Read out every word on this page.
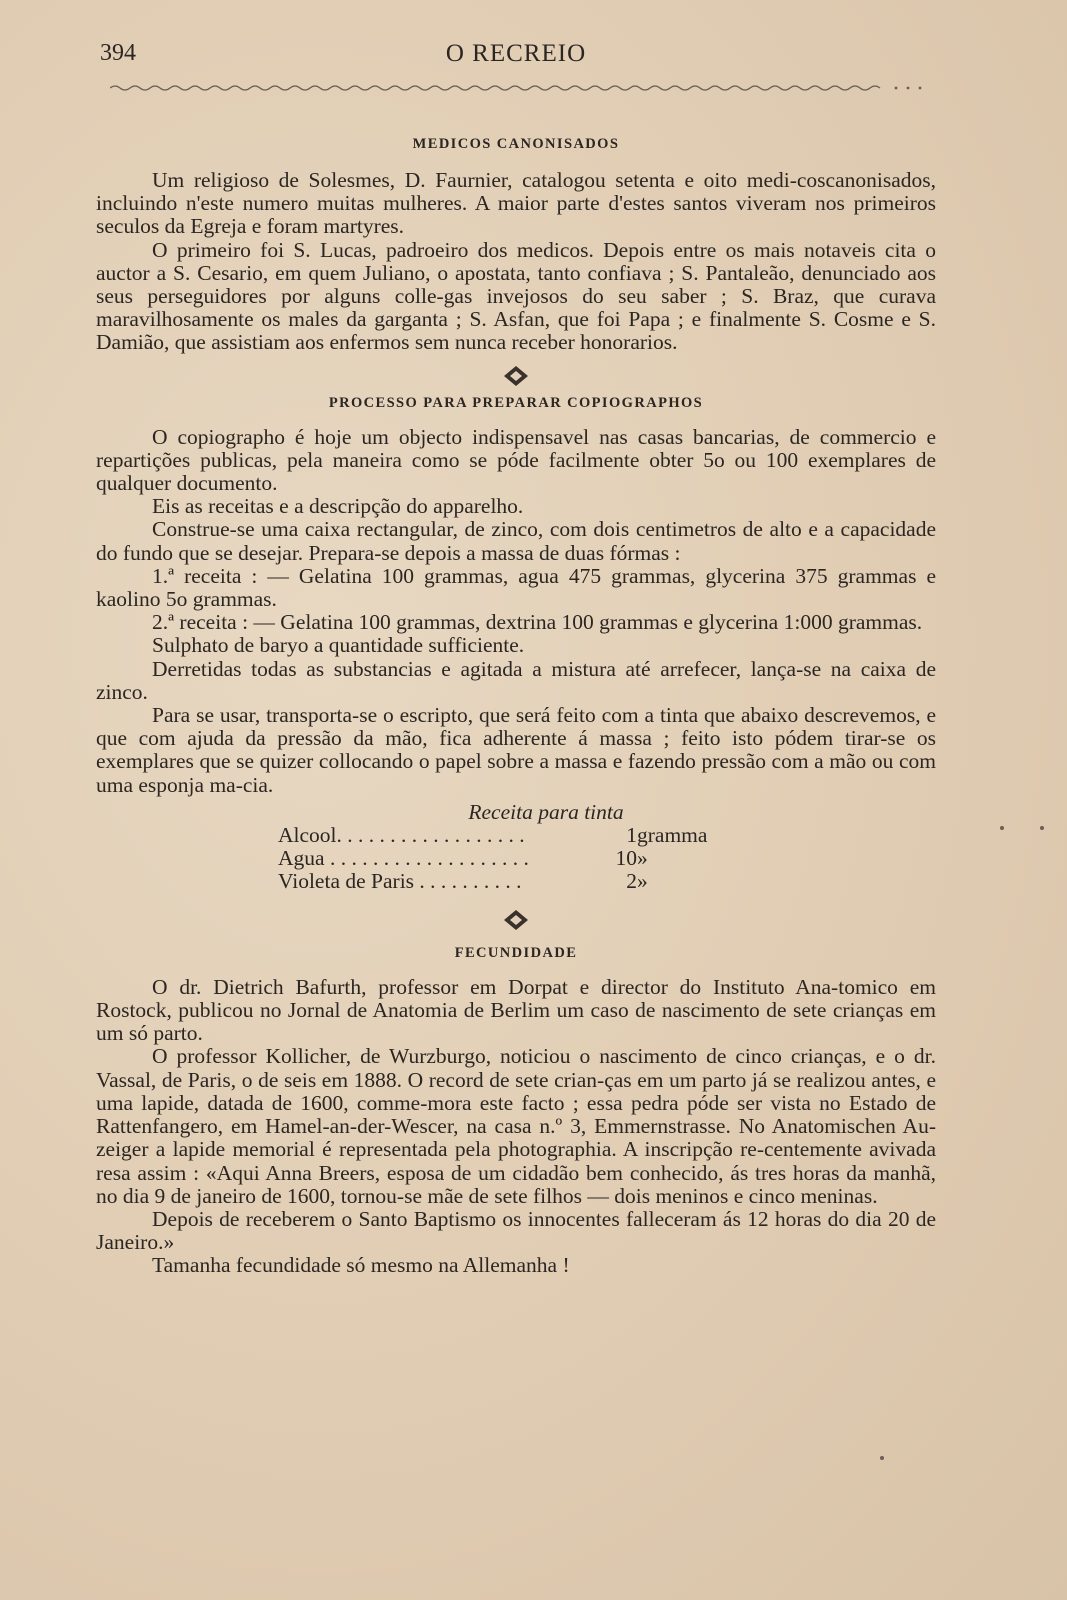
394	O RECREIO
MEDICOS CANONISADOS

Um religioso de Solesmes, D. Faurnier, catalogou setenta e oito medi-coscanonisados, incluindo n'este numero muitas mulheres. A maior parte d'estes santos viveram nos primeiros seculos da Egreja e foram martyres.

O primeiro foi S. Lucas, padroeiro dos medicos. Depois entre os mais notaveis cita o auctor a S. Cesario, em quem Juliano, o apostata, tanto confiava ; S. Pantaleão, denunciado aos seus perseguidores por alguns colle-gas invejosos do seu saber ; S. Braz, que curava maravilhosamente os males da garganta ; S. Asfan, que foi Papa ; e finalmente S. Cosme e S. Damião, que assistiam aos enfermos sem nunca receber honorarios.

PROCESSO PARA PREPARAR COPIOGRAPHOS

O copiographo é hoje um objecto indispensavel nas casas bancarias, de commercio e repartições publicas, pela maneira como se póde facilmente obter 5o ou 100 exemplares de qualquer documento.

Eis as receitas e a descripção do apparelho.

Construe-se uma caixa rectangular, de zinco, com dois centimetros de alto e a capacidade do fundo que se desejar. Prepara-se depois a massa de duas fórmas :

1.ª receita : — Gelatina 100 grammas, agua 475 grammas, glycerina 375 grammas e kaolino 5o grammas.

2.ª receita : — Gelatina 100 grammas, dextrina 100 grammas e glycerina 1:000 grammas.

Sulphato de baryo a quantidade sufficiente.

Derretidas todas as substancias e agitada a mistura até arrefecer, lança-se na caixa de zinco.

Para se usar, transporta-se o escripto, que será feito com a tinta que abaixo descrevemos, e que com ajuda da pressão da mão, fica adherente á massa ; feito isto pódem tirar-se os exemplares que se quizer collocando o papel sobre a massa e fazendo pressão com a mão ou com uma esponja ma-cia.

Receita para tinta
Alcool. . . . . . . . . . . . . . . . . .	1	gramma
Agua . . . . . . . . . . . . . . . . . . .	10	»
Violeta de Paris . . . . . . . . . .	2	»
FECUNDIDADE

O dr. Dietrich Bafurth, professor em Dorpat e director do Instituto Ana-tomico em Rostock, publicou no Jornal de Anatomia de Berlim um caso de nascimento de sete crianças em um só parto.

O professor Kollicher, de Wurzburgo, noticiou o nascimento de cinco crianças, e o dr. Vassal, de Paris, o de seis em 1888. O record de sete crian-ças em um parto já se realizou antes, e uma lapide, datada de 1600, comme-mora este facto ; essa pedra póde ser vista no Estado de Rattenfangero, em Hamel-an-der-Wescer, na casa n.º 3, Emmernstrasse. No Anatomischen Au-zeiger a lapide memorial é representada pela photographia. A inscripção re-centemente avivada resa assim : «Aqui Anna Breers, esposa de um cidadão bem conhecido, ás tres horas da manhã, no dia 9 de janeiro de 1600, tornou-se mãe de sete filhos — dois meninos e cinco meninas.

Depois de receberem o Santo Baptismo os innocentes falleceram ás 12 horas do dia 20 de Janeiro.»

Tamanha fecundidade só mesmo na Allemanha !
